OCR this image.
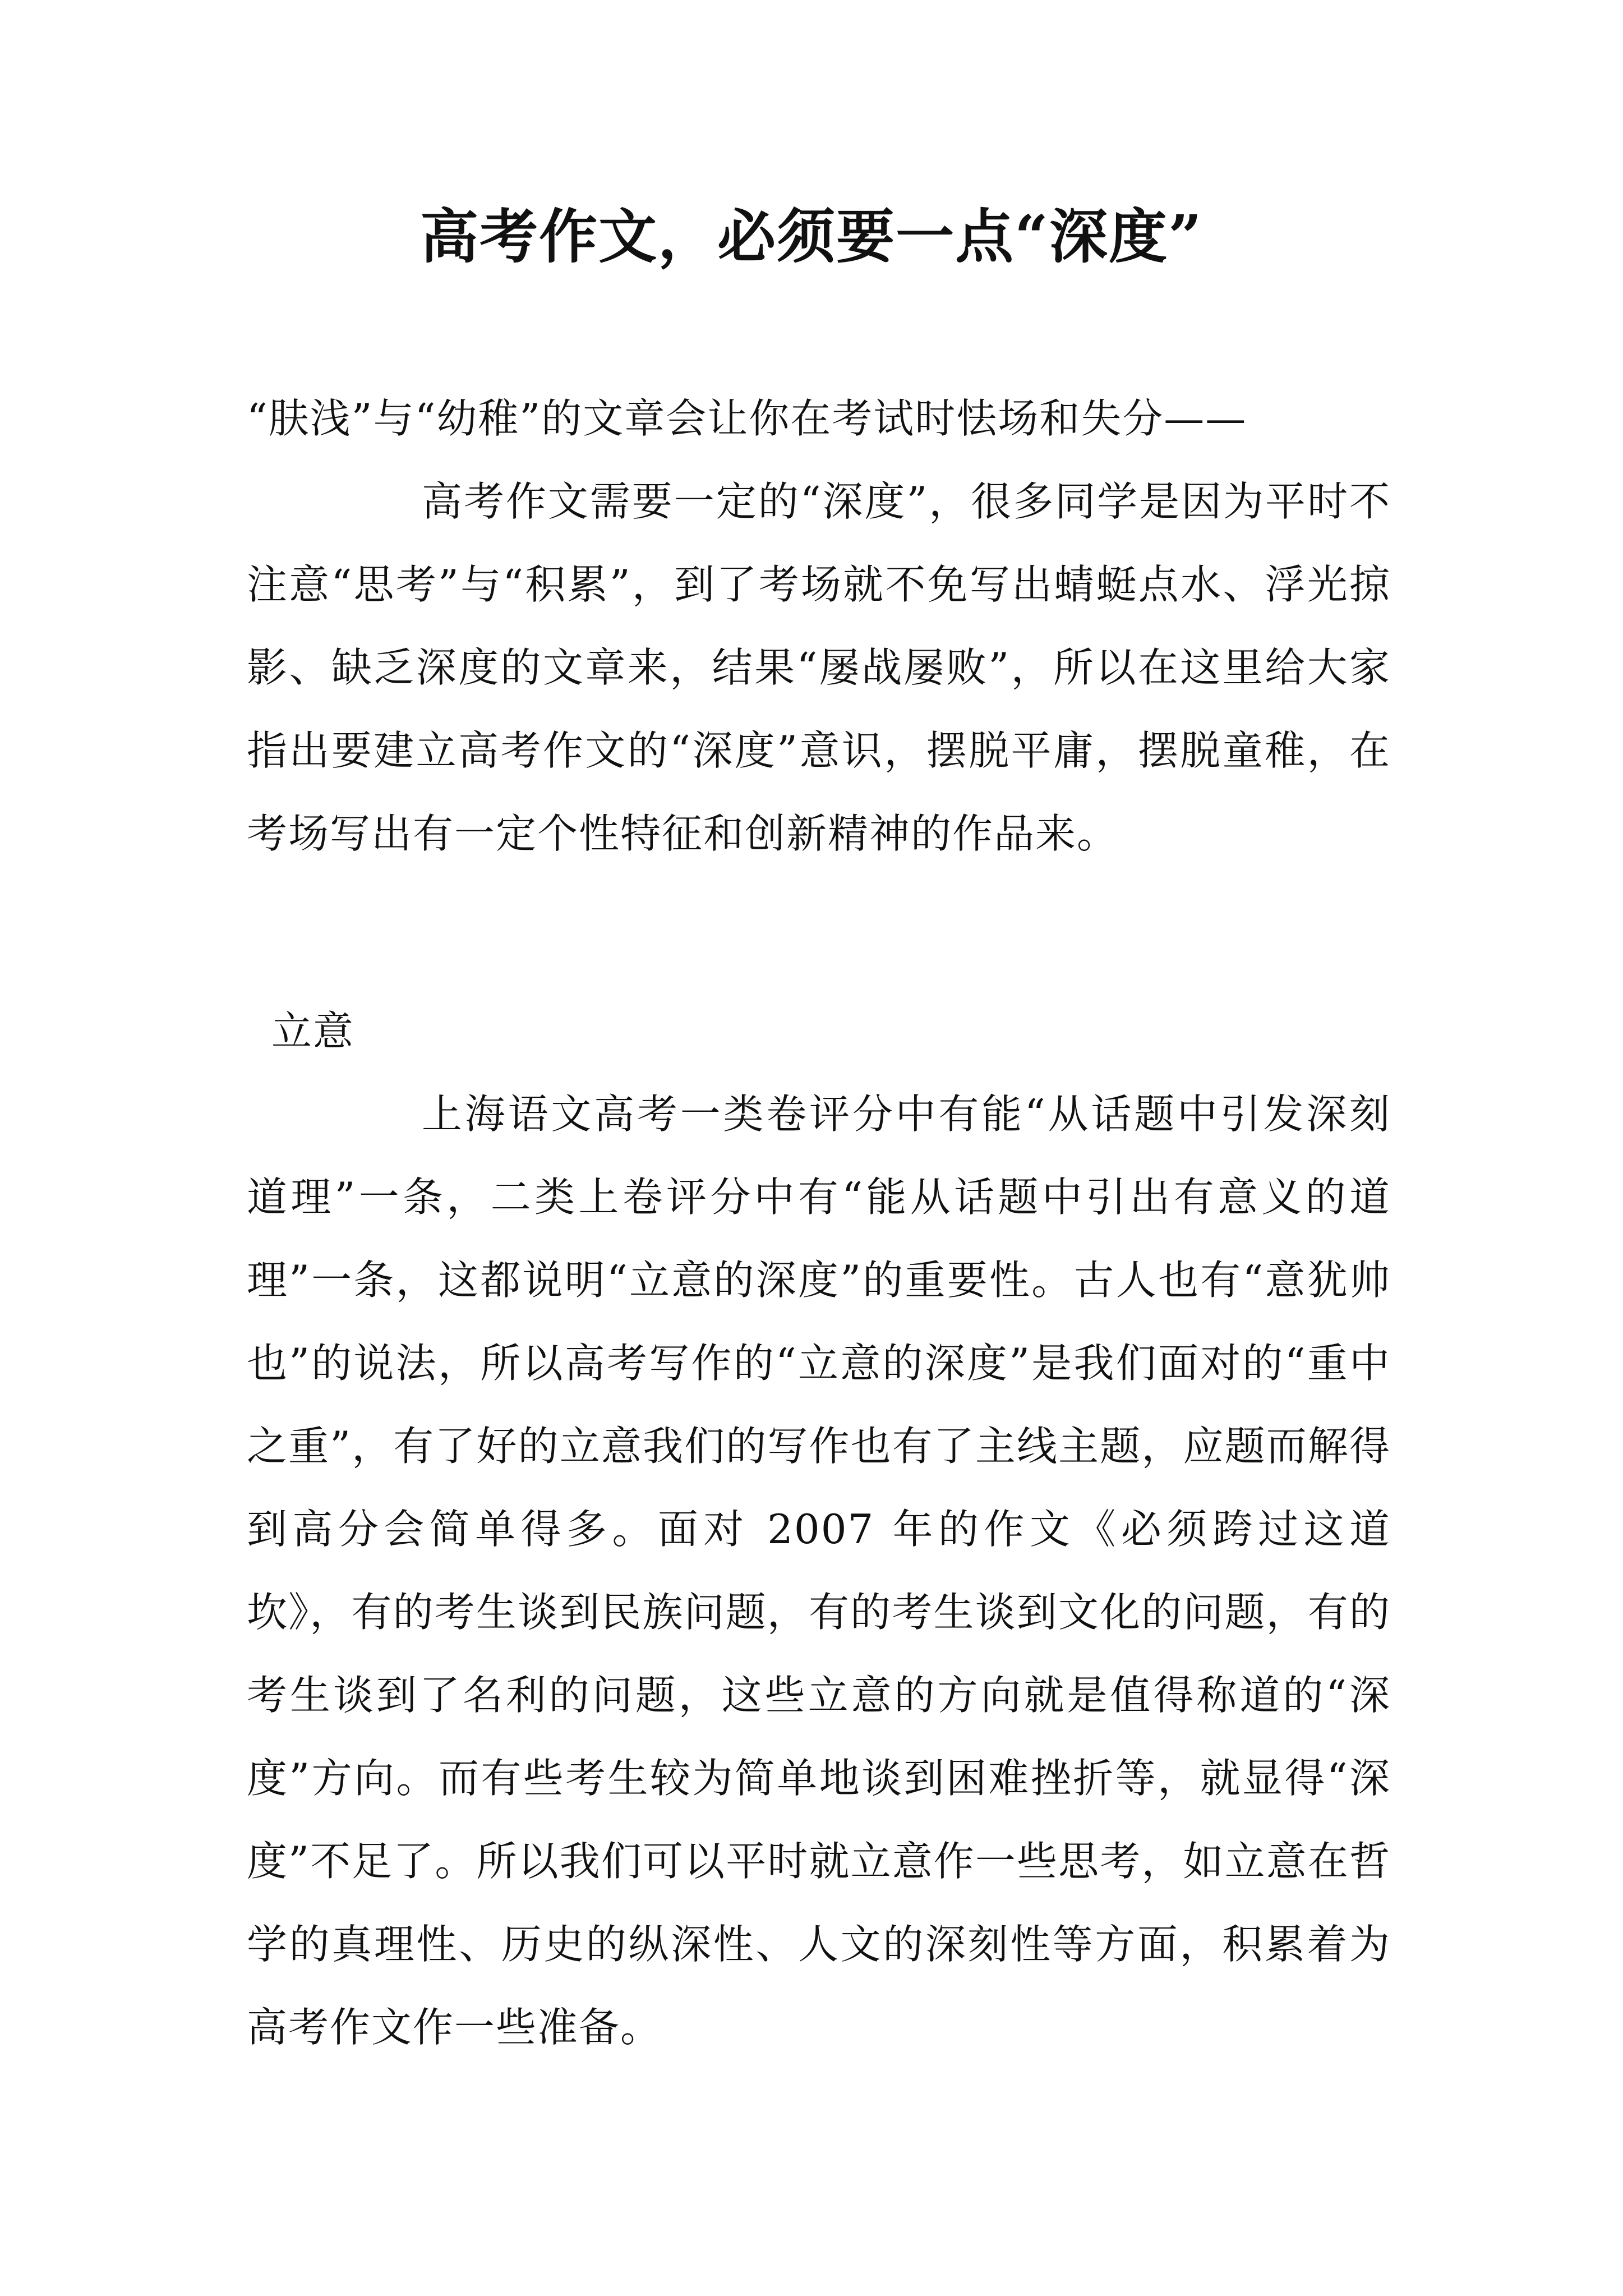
高考作文，必须要一点“深度”

“肤浅”与“幼稚”的文章会让你在考试时怯场和失分——

高考作文需要一定的“深度”，很多同学是因为平时不注意“思考”与“积累”，到了考场就不免写出蜻蜓点水、浮光掠影、缺乏深度的文章来，结果“屡战屡败”，所以在这里给大家指出要建立高考作文的“深度”意识，摆脱平庸，摆脱童稚，在考场写出有一定个性特征和创新精神的作品来。

立意

上海语文高考一类卷评分中有能“从话题中引发深刻道理”一条，二类上卷评分中有“能从话题中引出有意义的道理”一条，这都说明“立意的深度”的重要性。古人也有“意犹帅也”的说法，所以高考写作的“立意的深度”是我们面对的“重中之重”，有了好的立意我们的写作也有了主线主题，应题而解得到高分会简单得多。面对 2007 年的作文《必须跨过这道坎》，有的考生谈到民族问题，有的考生谈到文化的问题，有的考生谈到了名利的问题，这些立意的方向就是值得称道的“深度”方向。而有些考生较为简单地谈到困难挫折等，就显得“深度”不足了。所以我们可以平时就立意作一些思考，如立意在哲学的真理性、历史的纵深性、人文的深刻性等方面，积累着为高考作文作一些准备。
